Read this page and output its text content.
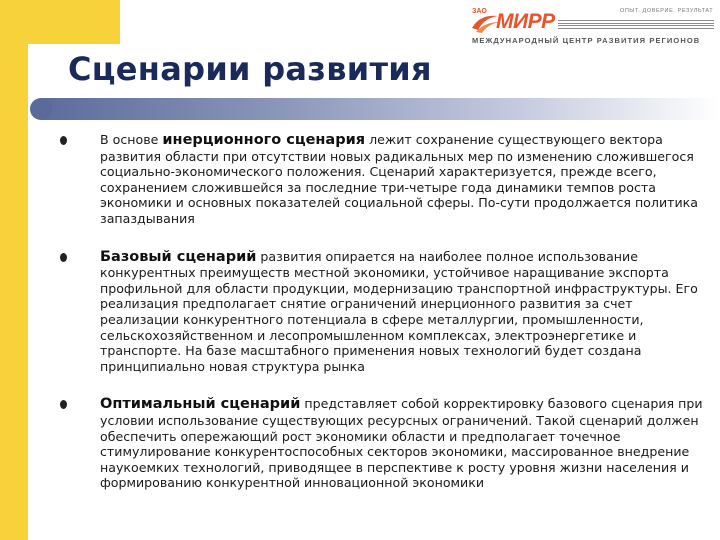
ЗАО МИРР	ОПЫТ. ДОВЕРИЕ. РЕЗУЛЬТАТ
МЕЖДУНАРОДНЫЙ ЦЕНТР РАЗВИТИЯ РЕГИОНОВ
Сценарии развития
В основе инерционного сценария лежит сохранение существующего вектора развития области при отсутствии новых радикальных мер по изменению сложившегося социально-экономического положения. Сценарий характеризуется, прежде всего, сохранением сложившейся за последние три-четыре года динамики темпов роста экономики и основных показателей социальной сферы. По-сути продолжается политика запаздывания
Базовый сценарий развития опирается на наиболее полное использование конкурентных преимуществ местной экономики, устойчивое наращивание экспорта профильной для области продукции, модернизацию транспортной инфраструктуры. Его реализация предполагает снятие ограничений инерционного развития за счет реализации конкурентного потенциала в сфере металлургии, промышленности, сельскохозяйственном и лесопромышленном комплексах, электроэнергетике и транспорте. На базе масштабного применения новых технологий будет создана принципиально новая структура рынка
Оптимальный сценарий представляет собой корректировку базового сценария при условии использование существующих ресурсных ограничений. Такой сценарий должен обеспечить опережающий рост экономики области и предполагает точечное стимулирование конкурентоспособных секторов экономики, массированное внедрение наукоемких технологий, приводящее в перспективе к росту уровня жизни населения и формированию конкурентной инновационной экономики
